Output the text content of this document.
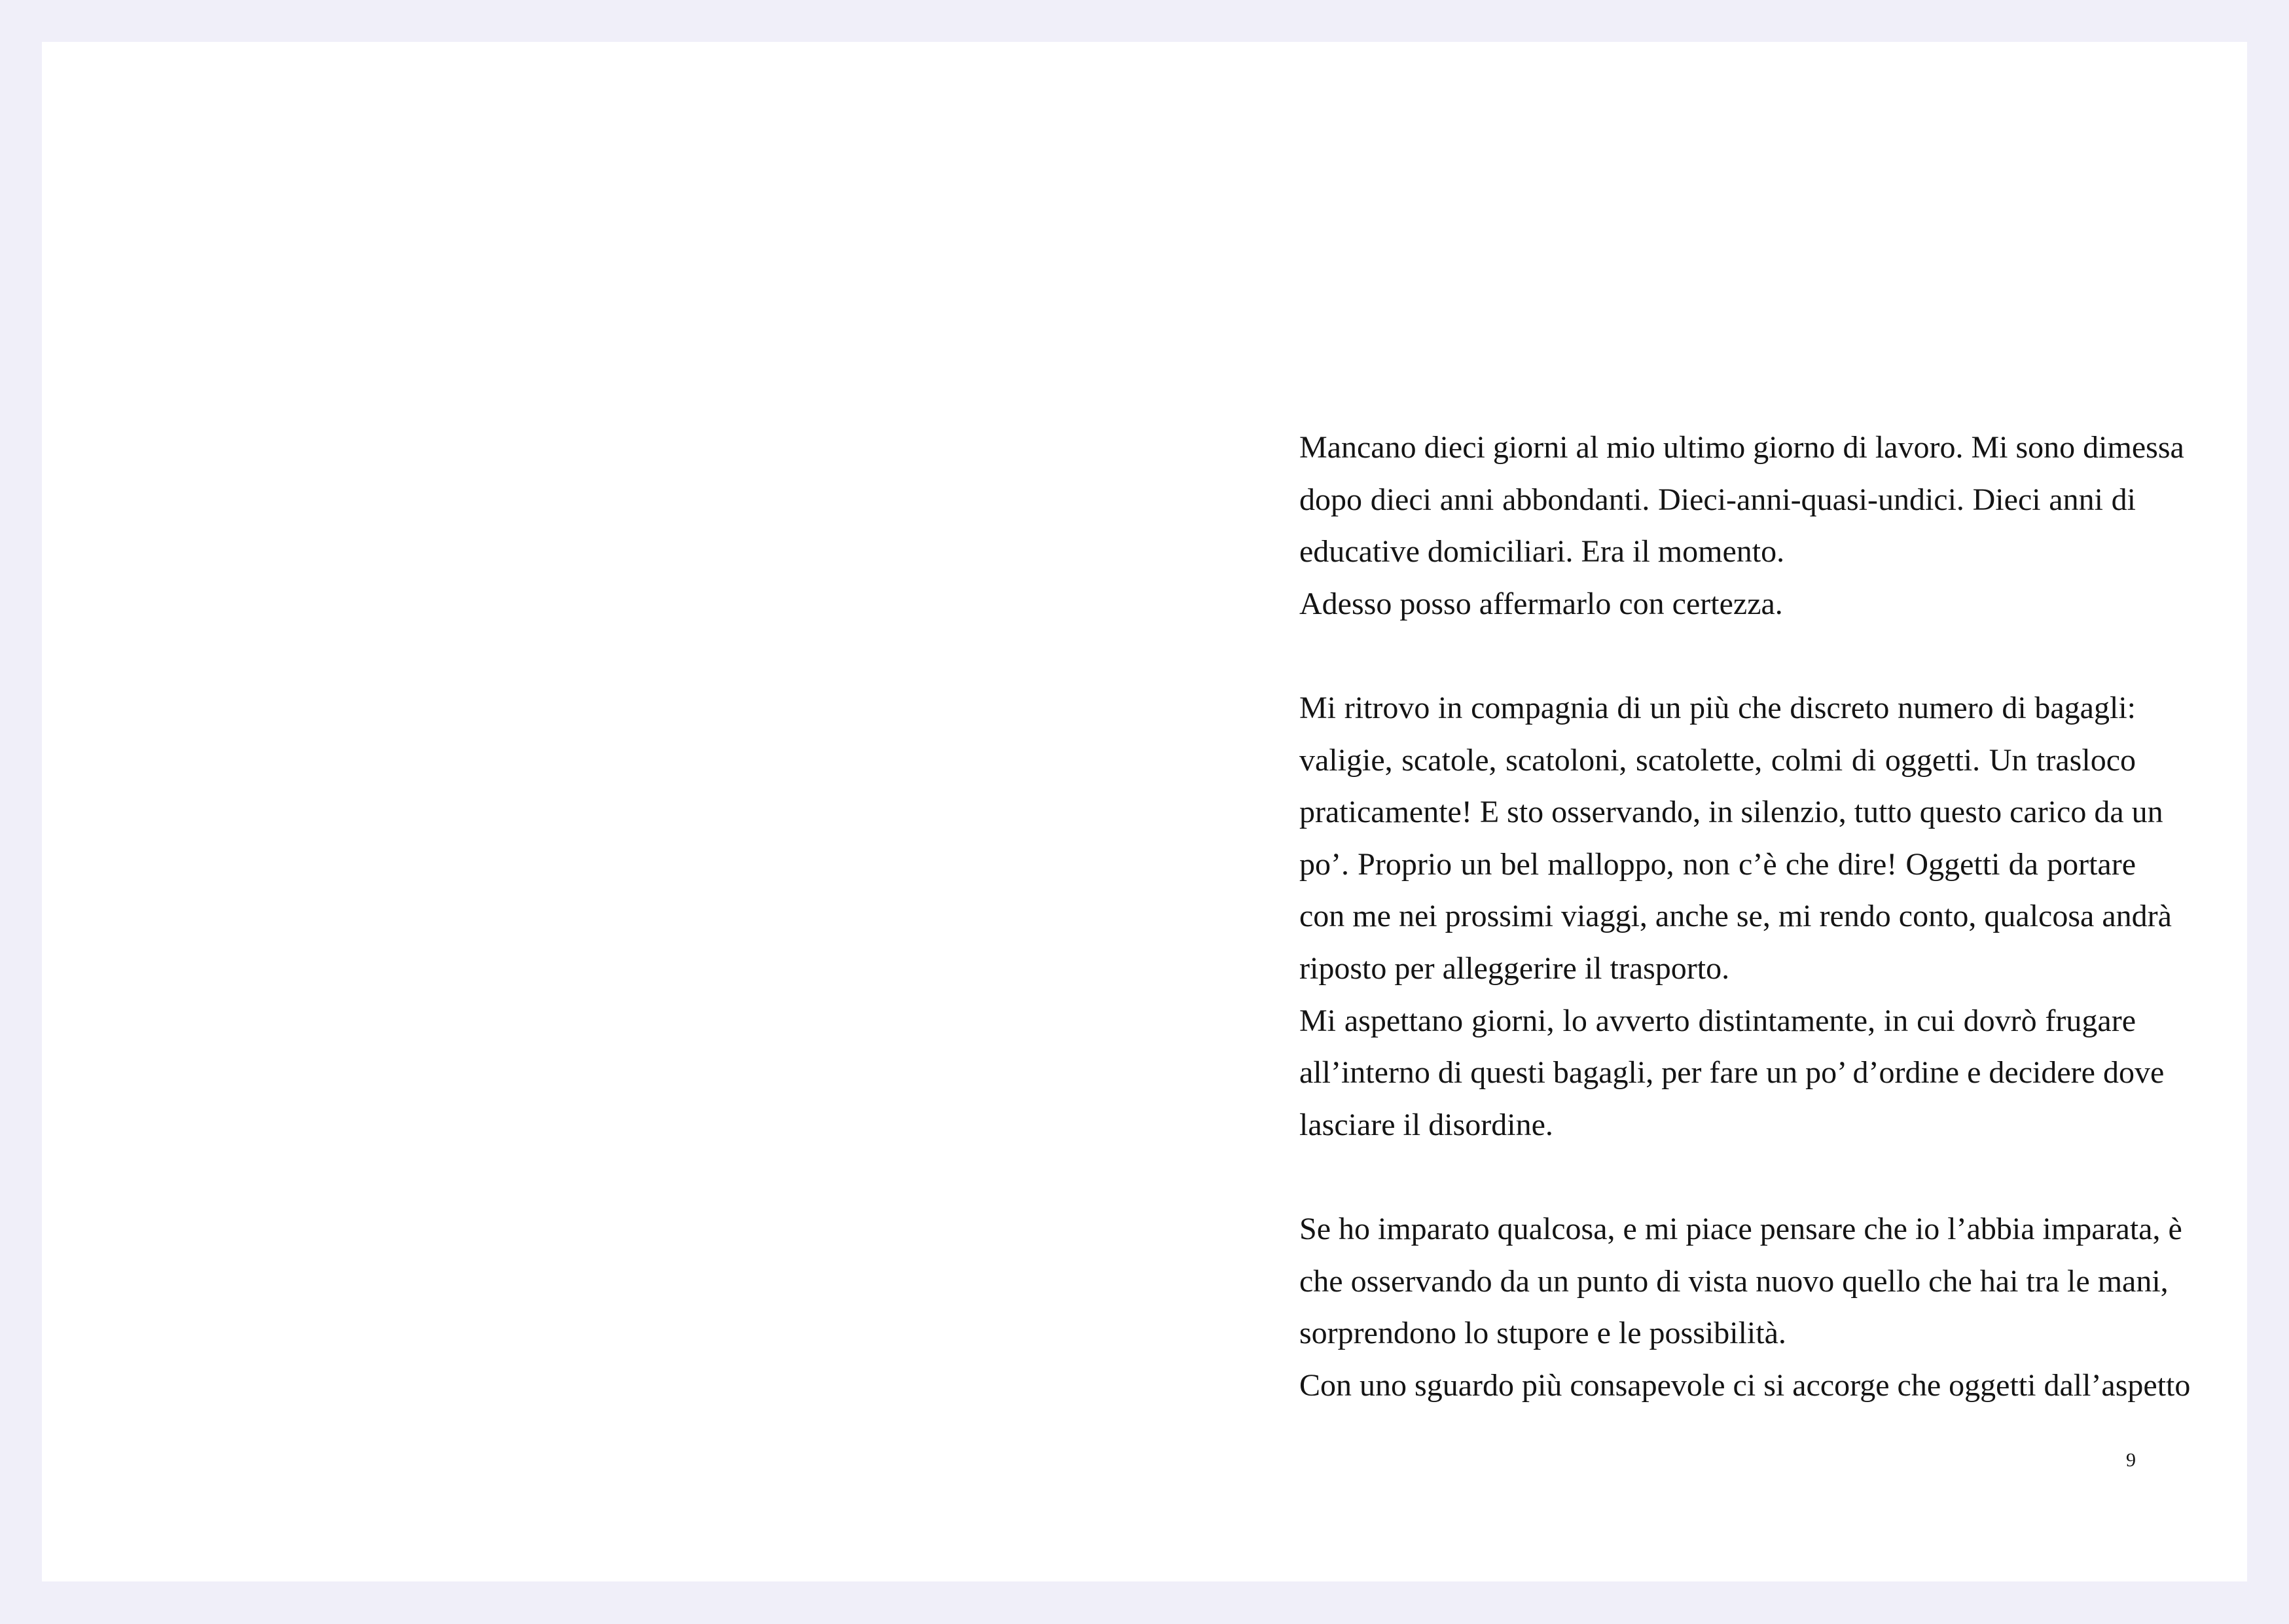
Mancano dieci giorni al mio ultimo giorno di lavoro. Mi sono dimessa
dopo dieci anni abbondanti. Dieci-anni-quasi-undici. Dieci anni di
educative domiciliari. Era il momento.
Adesso posso affermarlo con certezza.
Mi ritrovo in compagnia di un più che discreto numero di bagagli:
valigie, scatole, scatoloni, scatolette, colmi di oggetti. Un trasloco
praticamente! E sto osservando, in silenzio, tutto questo carico da un
po’. Proprio un bel malloppo, non c’è che dire! Oggetti da portare
con me nei prossimi viaggi, anche se, mi rendo conto, qualcosa andrà
riposto per alleggerire il trasporto.
Mi aspettano giorni, lo avverto distintamente, in cui dovrò frugare
all’interno di questi bagagli, per fare un po’ d’ordine e decidere dove
lasciare il disordine.
Se ho imparato qualcosa, e mi piace pensare che io l’abbia imparata, è
che osservando da un punto di vista nuovo quello che hai tra le mani,
sorprendono lo stupore e le possibilità.
Con uno sguardo più consapevole ci si accorge che oggetti dall’aspetto
9
